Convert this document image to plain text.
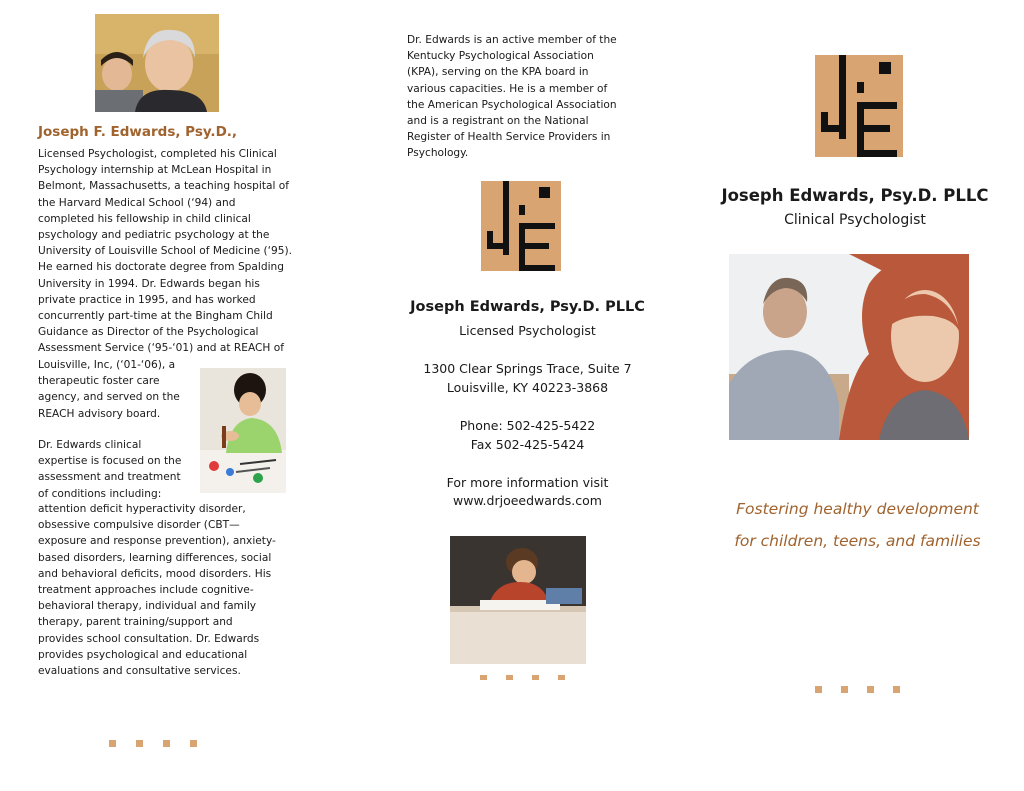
Joseph F. Edwards, Psy.D.,
Licensed Psychologist, completed his Clinical
Psychology internship at McLean Hospital in
Belmont, Massachusetts, a teaching hospital of
the Harvard Medical School (‘94) and
completed his fellowship in child clinical
psychology and pediatric psychology at the
University of Louisville School of Medicine (‘95).
He earned his doctorate degree from Spalding
University in 1994. Dr. Edwards began his
private practice in 1995, and has worked
concurrently part-time at the Bingham Child
Guidance as Director of the Psychological
Assessment Service (‘95-‘01) and at REACH of
Louisville, Inc, (‘01-‘06), a
therapeutic foster care
agency, and served on the
REACH advisory board.
Dr. Edwards clinical
expertise is focused on the
assessment and treatment
of conditions including:
attention deficit hyperactivity disorder,
obsessive compulsive disorder (CBT—
exposure and response prevention), anxiety-
based disorders, learning differences, social
and behavioral deficits, mood disorders. His
treatment approaches include cognitive-
behavioral therapy, individual and family
therapy, parent training/support and
provides school consultation. Dr. Edwards
provides psychological and educational
evaluations and consultative services.
Dr. Edwards is an active member of the
Kentucky Psychological Association
(KPA), serving on the KPA board in
various capacities. He is a member of
the American Psychological Association
and is a registrant on the National
Register of Health Service Providers in
Psychology.
Joseph Edwards, Psy.D. PLLC

Licensed Psychologist

1300 Clear Springs Trace, Suite 7

Louisville, KY 40223-3868

Phone: 502-425-5422

Fax 502-425-5424

For more information visit

www.drjoeedwards.com

Joseph Edwards, Psy.D. PLLC

Clinical Psychologist

Fostering healthy development

for children, teens, and families
